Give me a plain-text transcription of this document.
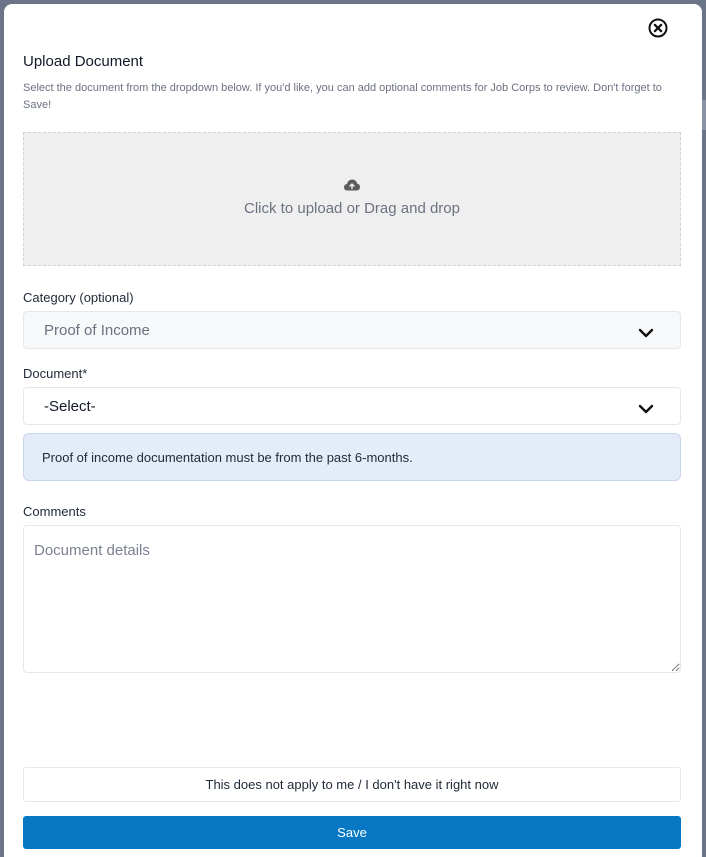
Upload Document
Select the document from the dropdown below. If you'd like, you can add optional comments for Job Corps to review. Don't forget to Save!
Click to upload or Drag and drop
Category (optional)
Proof of Income
Document*
-Select-
Proof of income documentation must be from the past 6-months.
Comments
Document details
This does not apply to me / I don't have it right now
Save
